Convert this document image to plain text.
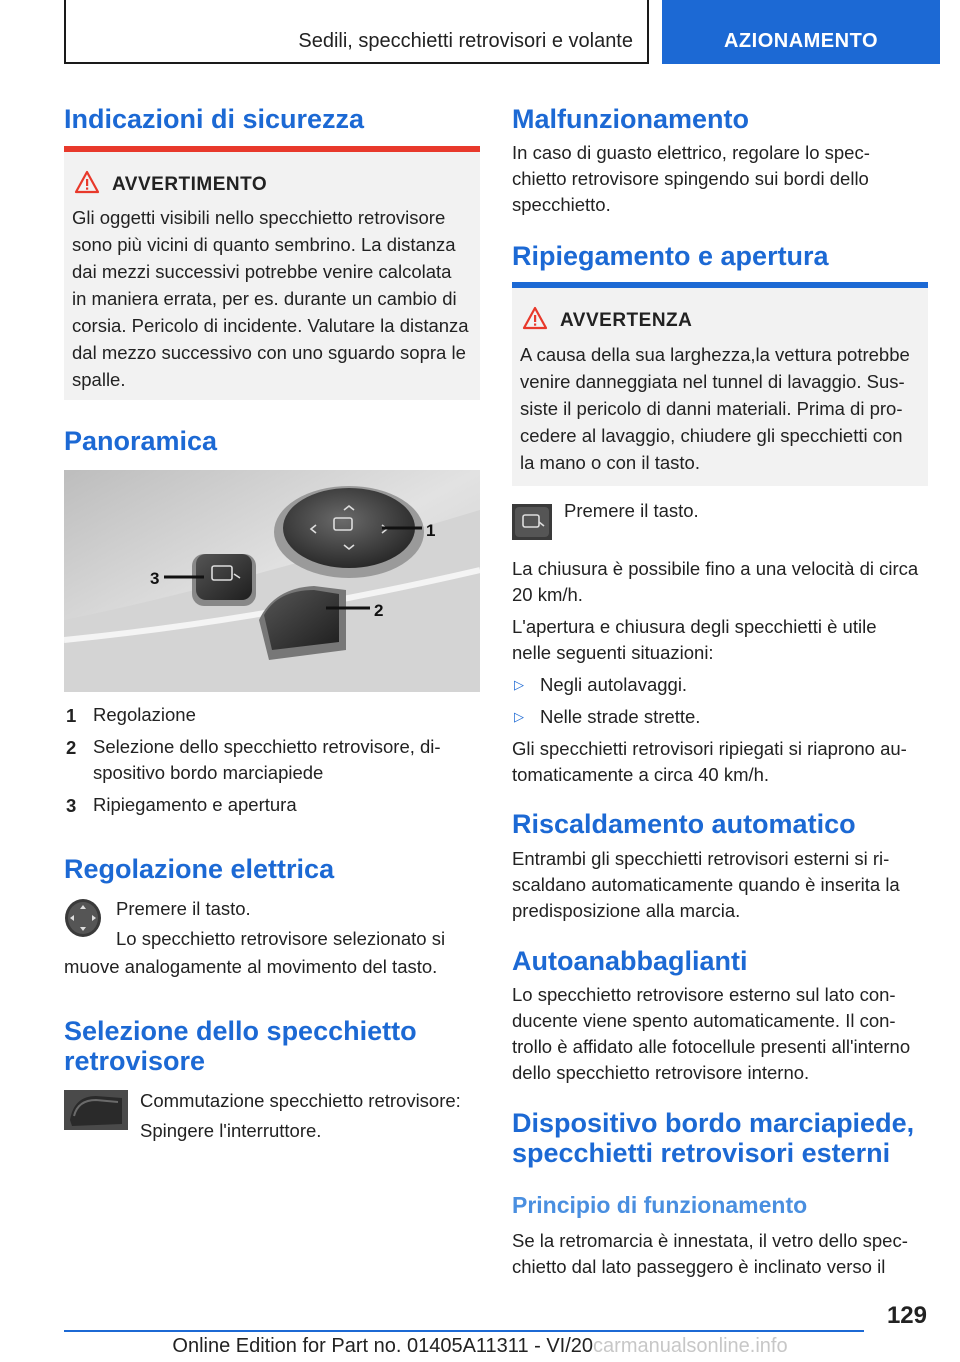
Sedili, specchietti retrovisori e volante	AZIONAMENTO
Indicazioni di sicurezza
AVVERTIMENTO
Gli oggetti visibili nello specchietto retrovisore
sono più vicini di quanto sembrino. La distanza
dai mezzi successivi potrebbe venire calcolata
in maniera errata, per es. durante un cambio di
corsia. Pericolo di incidente. Valutare la distanza
dal mezzo successivo con uno sguardo sopra le
spalle.
Panoramica
1
2
3
1 Regolazione
2 Selezione dello specchietto retrovisore, di-
spositivo bordo marciapiede
3 Ripiegamento e apertura
Regolazione elettrica
Premere il tasto.
Lo specchietto retrovisore selezionato si
muove analogamente al movimento del tasto.
Selezione dello specchietto
retrovisore
Commutazione specchietto retrovisore:
Spingere l'interruttore.
Malfunzionamento
In caso di guasto elettrico, regolare lo spec-
chietto retrovisore spingendo sui bordi dello
specchietto.
Ripiegamento e apertura
AVVERTENZA
A causa della sua larghezza,la vettura potrebbe
venire danneggiata nel tunnel di lavaggio. Sus-
siste il pericolo di danni materiali. Prima di pro-
cedere al lavaggio, chiudere gli specchietti con
la mano o con il tasto.
Premere il tasto.
La chiusura è possibile fino a una velocità di circa
20 km/h.
L'apertura e chiusura degli specchietti è utile
nelle seguenti situazioni:
▷ Negli autolavaggi.
▷ Nelle strade strette.
Gli specchietti retrovisori ripiegati si riaprono au-
tomaticamente a circa 40 km/h.
Riscaldamento automatico
Entrambi gli specchietti retrovisori esterni si ri-
scaldano automaticamente quando è inserita la
predisposizione alla marcia.
Autoanabbaglianti
Lo specchietto retrovisore esterno sul lato con-
ducente viene spento automaticamente. Il con-
trollo è affidato alle fotocellule presenti all'interno
dello specchietto retrovisore interno.
Dispositivo bordo marciapiede,
specchietti retrovisori esterni
Principio di funzionamento
Se la retromarcia è innestata, il vetro dello spec-
chietto dal lato passeggero è inclinato verso il
129
Online Edition for Part no. 01405A11311 - VI/20carmanualsonline.info
